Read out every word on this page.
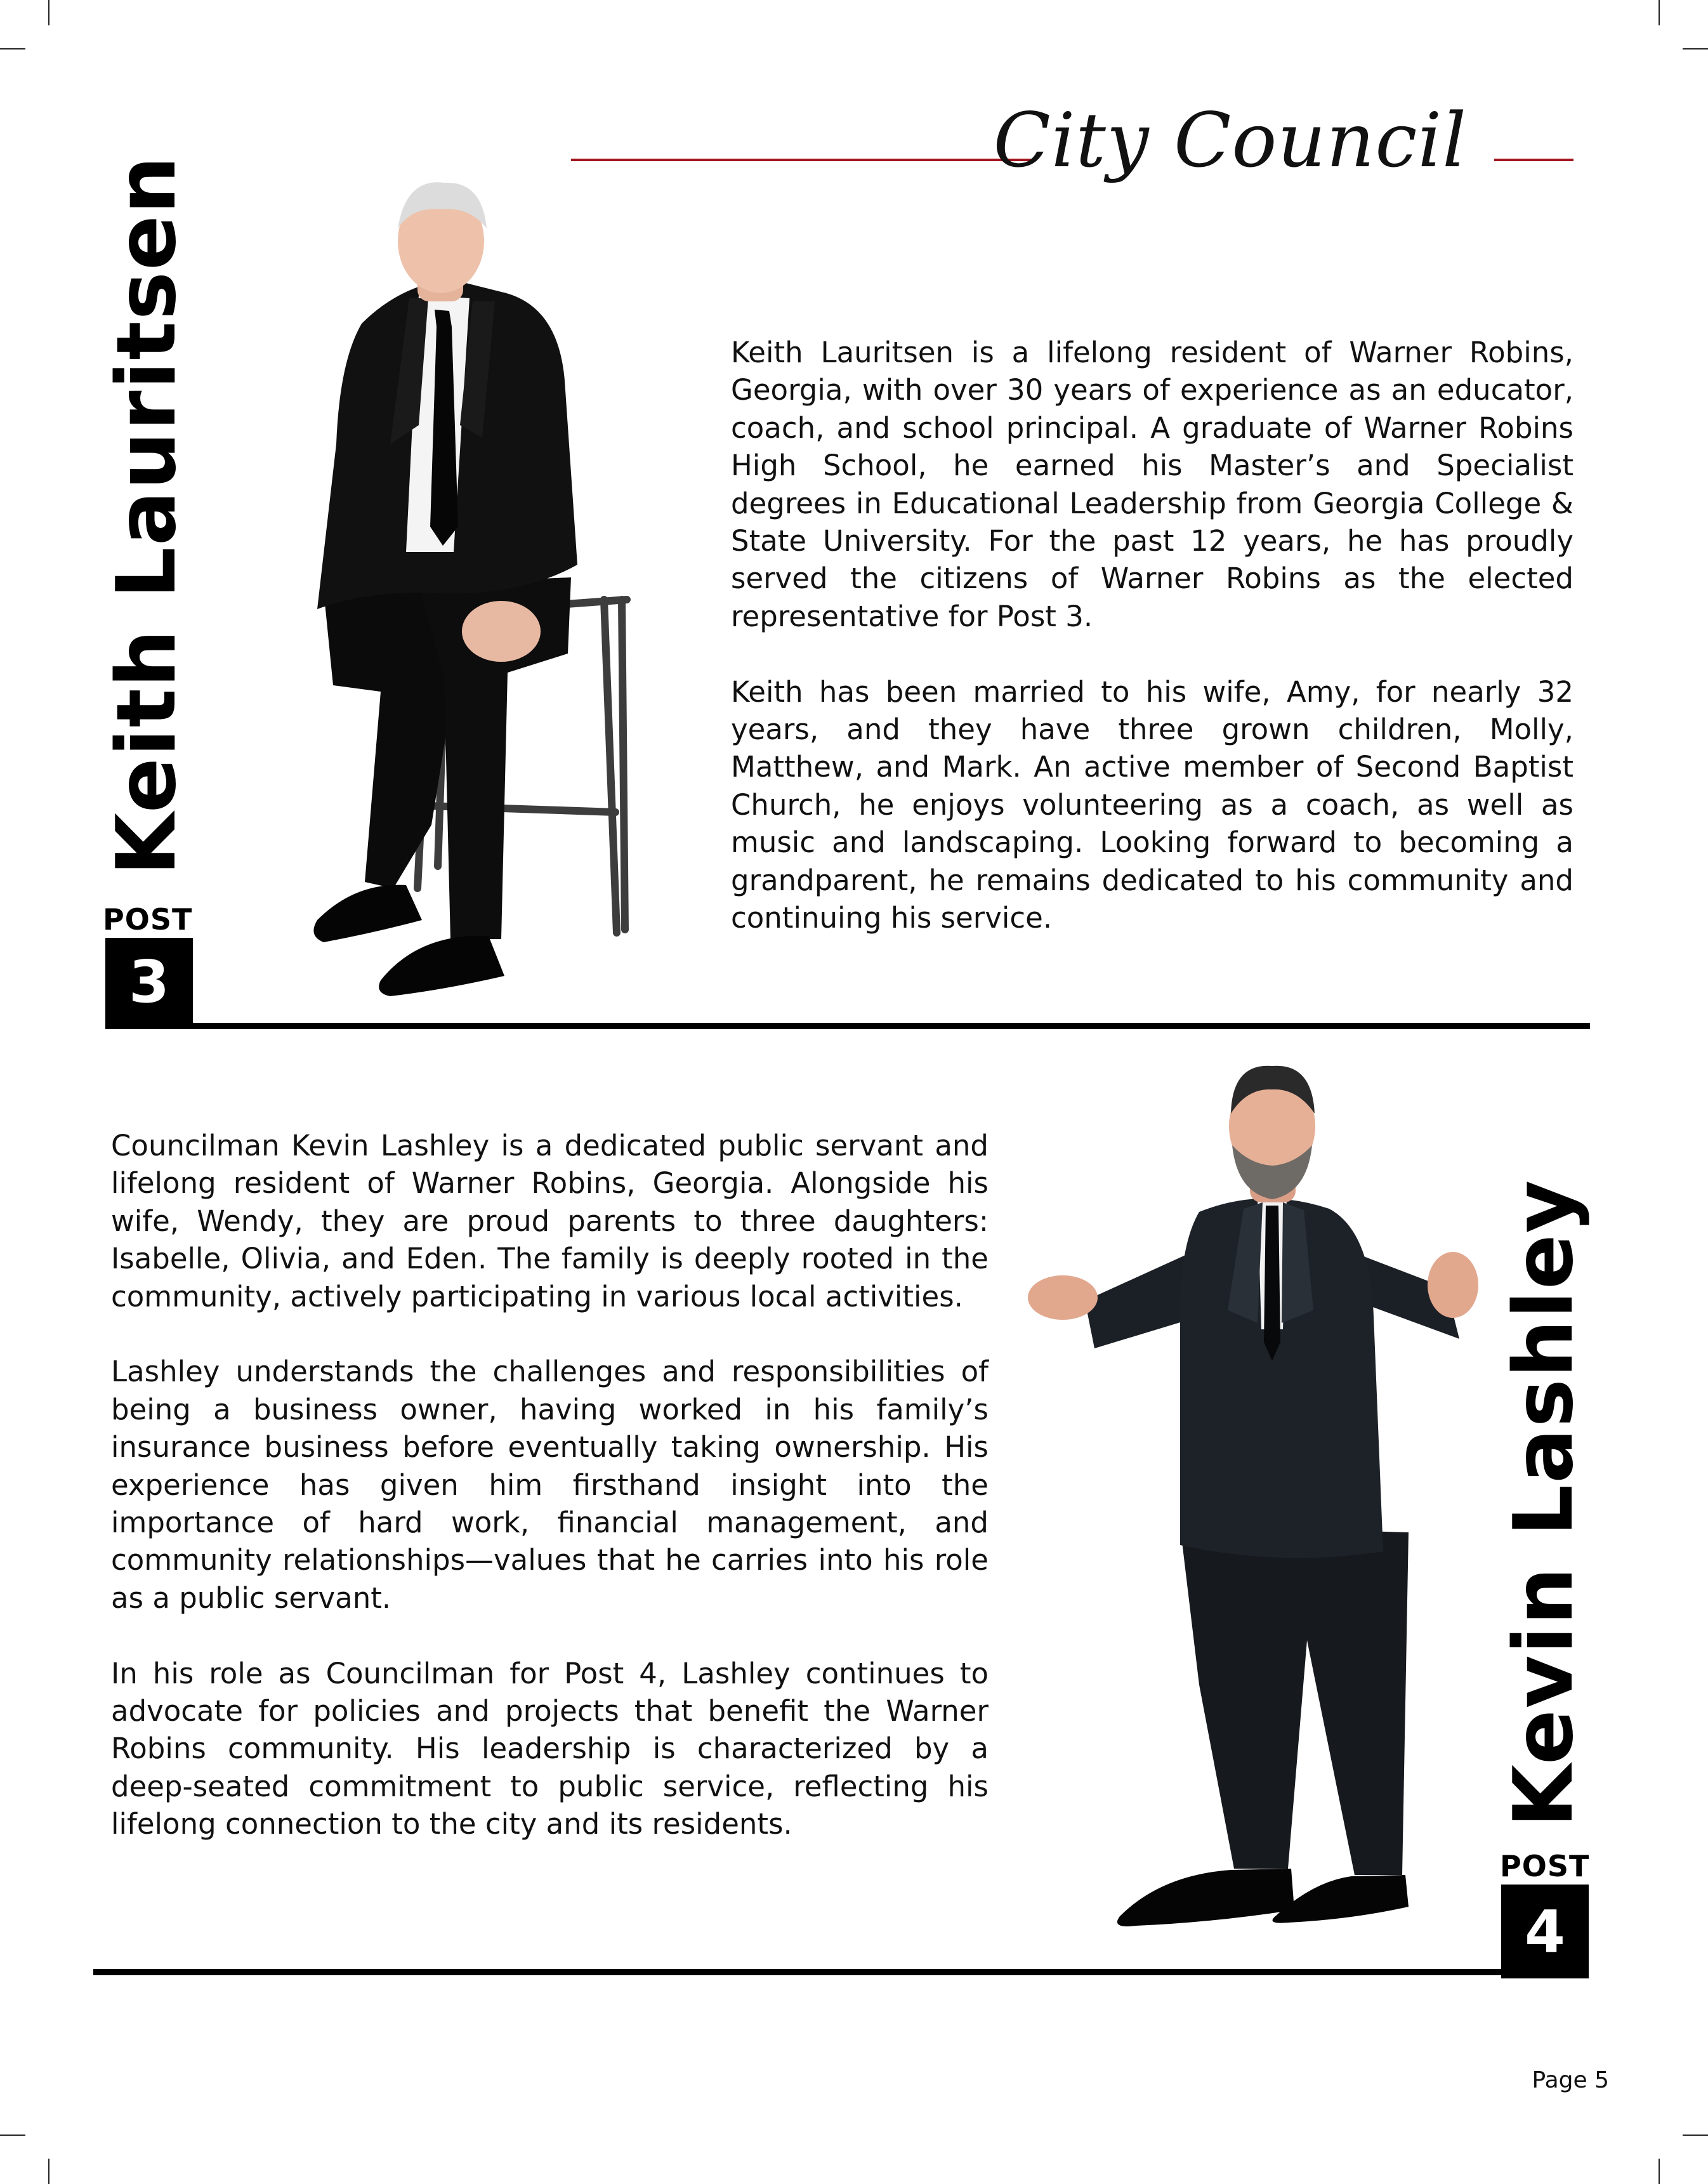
City Council
Keith Lauritsen
POST
3

Keith Lauritsen is a lifelong resident of Warner Robins, Georgia, with over 30 years of experience as an educator, coach, and school principal. A graduate of Warner Robins High School, he earned his Master’s and Specialist degrees in Educational Leadership from Georgia College & State University. For the past 12 years, he has proudly served the citizens of Warner Robins as the elected representative for Post 3.

Keith has been married to his wife, Amy, for nearly 32 years, and they have three grown children, Molly, Matthew, and Mark. An active member of Second Baptist Church, he enjoys volunteering as a coach, as well as music and landscaping. Looking forward to becoming a grandparent, he remains dedicated to his community and continuing his service.

Councilman Kevin Lashley is a dedicated public servant and lifelong resident of Warner Robins, Georgia. Alongside his wife, Wendy, they are proud parents to three daughters: Isabelle, Olivia, and Eden. The family is deeply rooted in the community, actively participating in various local activities.

Lashley understands the challenges and responsibilities of being a business owner, having worked in his family’s insurance business before eventually taking ownership. His experience has given him firsthand insight into the importance of hard work, financial management, and community relationships—values that he carries into his role as a public servant.

In his role as Councilman for Post 4, Lashley continues to advocate for policies and projects that benefit the Warner Robins community. His leadership is characterized by a deep-seated commitment to public service, reflecting his lifelong connection to the city and its residents.	Kevin Lashley
POST
4
Page 5
